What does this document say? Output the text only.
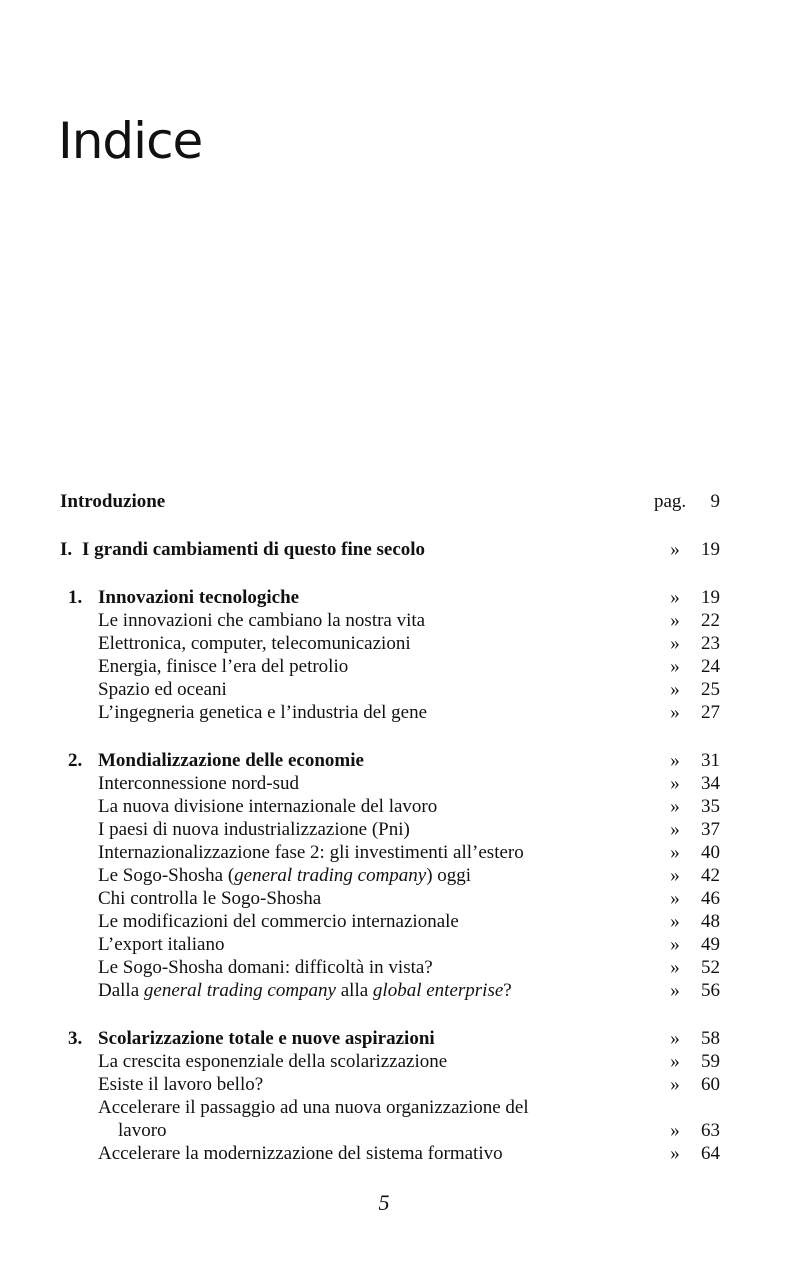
Indice
Introduzione	pag. 9
I. I grandi cambiamenti di questo fine secolo	» 19
1. Innovazioni tecnologiche	» 19
Le innovazioni che cambiano la nostra vita	» 22
Elettronica, computer, telecomunicazioni	» 23
Energia, finisce l’era del petrolio	» 24
Spazio ed oceani	» 25
L’ingegneria genetica e l’industria del gene	» 27
2. Mondializzazione delle economie	» 31
Interconnessione nord-sud	» 34
La nuova divisione internazionale del lavoro	» 35
I paesi di nuova industrializzazione (Pni)	» 37
Internazionalizzazione fase 2: gli investimenti all’estero	» 40
Le Sogo-Shosha (general trading company) oggi	» 42
Chi controlla le Sogo-Shosha	» 46
Le modificazioni del commercio internazionale	» 48
L’export italiano	» 49
Le Sogo-Shosha domani: difficoltà in vista?	» 52
Dalla general trading company alla global enterprise?	» 56
3. Scolarizzazione totale e nuove aspirazioni	» 58
La crescita esponenziale della scolarizzazione	» 59
Esiste il lavoro bello?	» 60
Accelerare il passaggio ad una nuova organizzazione del
lavoro	» 63
Accelerare la modernizzazione del sistema formativo	» 64
5
